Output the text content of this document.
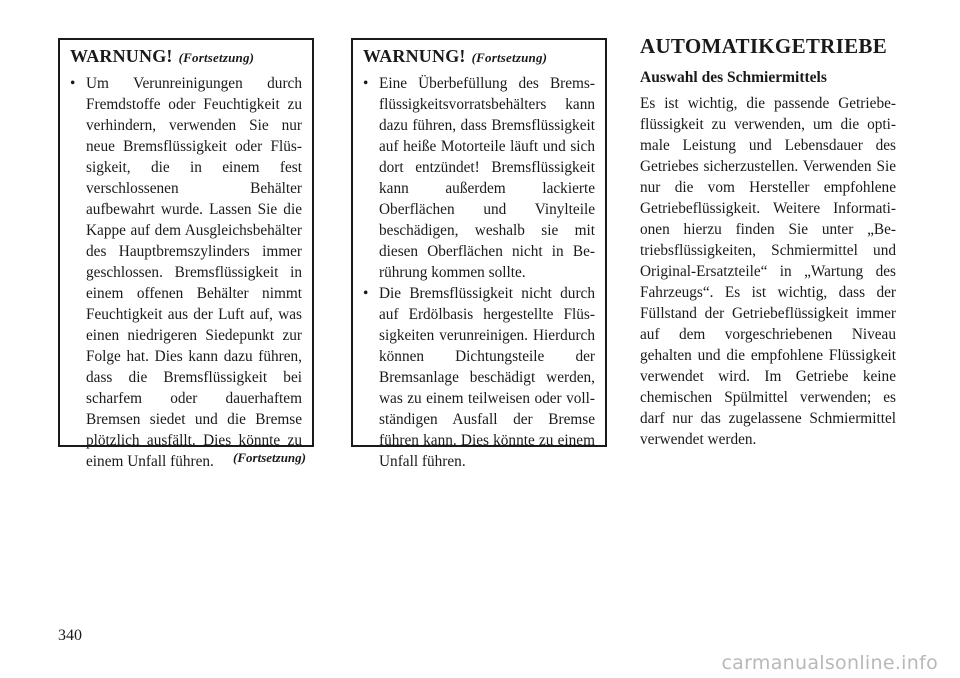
WARNUNG! (Fortsetzung)
• Um Verunreinigungen durch Fremdstoffe oder Feuchtigkeit zu verhindern, verwenden Sie nur neue Bremsflüssigkeit oder Flüssigkeit, die in einem fest verschlossenen Behälter aufbewahrt wurde. Lassen Sie die Kappe auf dem Ausgleichsbehälter des Hauptbremszylinders immer geschlossen. Bremsflüssigkeit in einem offenen Behälter nimmt Feuchtigkeit aus der Luft auf, was einen niedrigeren Siedepunkt zur Folge hat. Dies kann dazu führen, dass die Bremsflüssigkeit bei scharfem oder dauerhaftem Bremsen siedet und die Bremse plötzlich ausfällt. Dies könnte zu einem Unfall führen.	(Fortsetzung)
WARNUNG! (Fortsetzung)
• Eine Überbefüllung des Bremsflüssigkeitsvorratsbehälters kann dazu führen, dass Bremsflüssigkeit auf heiße Motorteile läuft und sich dort entzündet! Bremsflüssigkeit kann außerdem lackierte Oberflächen und Vinylteile beschädigen, weshalb sie mit diesen Oberflächen nicht in Berührung kommen sollte.
• Die Bremsflüssigkeit nicht durch auf Erdölbasis hergestellte Flüssigkeiten verunreinigen. Hierdurch können Dichtungsteile der Bremsanlage beschädigt werden, was zu einem teilweisen oder vollständigen Ausfall der Bremse führen kann. Dies könnte zu einem Unfall führen.
AUTOMATIKGETRIEBE
Auswahl des Schmiermittels

Es ist wichtig, die passende Getriebeflüssigkeit zu verwenden, um die optimale Leistung und Lebensdauer des Getriebes sicherzustellen. Verwenden Sie nur die vom Hersteller empfohlene Getriebeflüssigkeit. Weitere Informationen hierzu finden Sie unter „Betriebsflüssigkeiten, Schmiermittel und Original-Ersatzteile“ in „Wartung des Fahrzeugs“. Es ist wichtig, dass der Füllstand der Getriebeflüssigkeit immer auf dem vorgeschriebenen Niveau gehalten und die empfohlene Flüssigkeit verwendet wird. Im Getriebe keine chemischen Spülmittel verwenden; es darf nur das zugelassene Schmiermittel verwendet werden.

340
carmanualsonline.info
